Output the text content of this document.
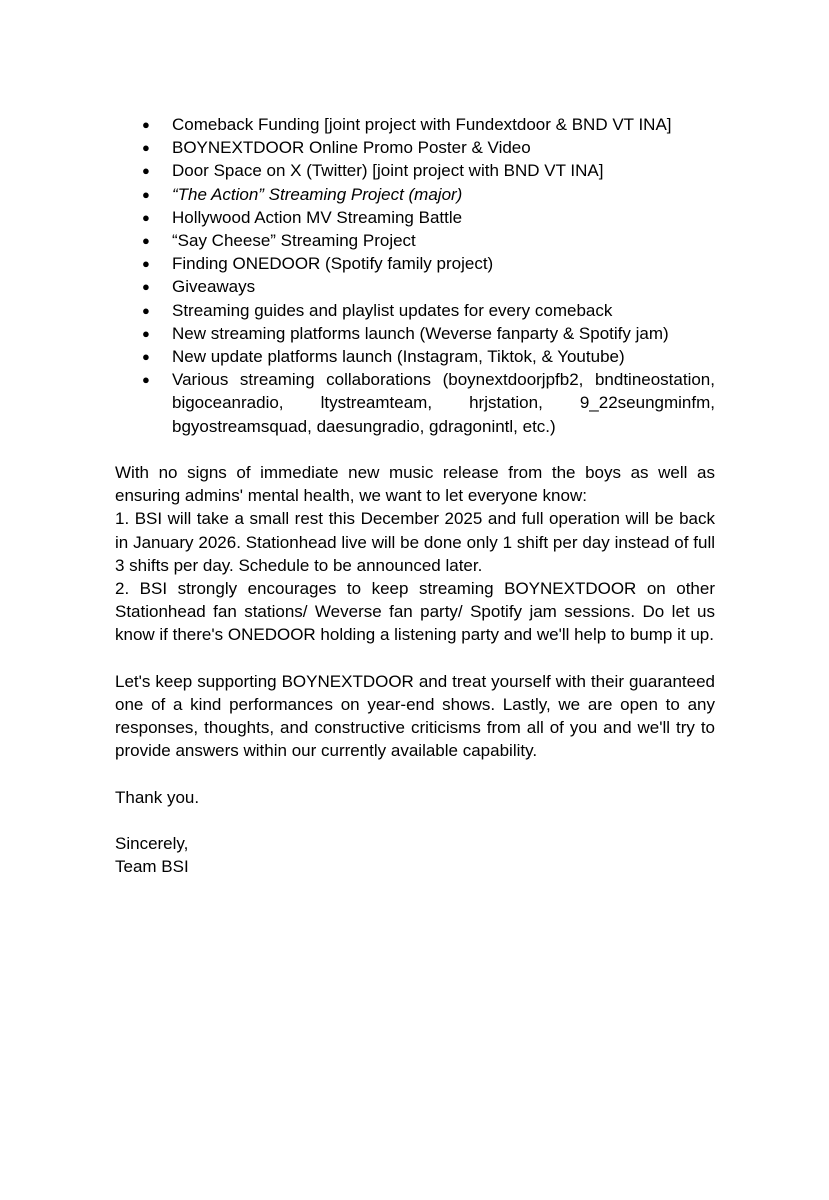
● Comeback Funding [joint project with Fundextdoor & BND VT INA]
● BOYNEXTDOOR Online Promo Poster & Video
● Door Space on X (Twitter) [joint project with BND VT INA]
● “The Action” Streaming Project (major)
● Hollywood Action MV Streaming Battle
● “Say Cheese” Streaming Project
● Finding ONEDOOR (Spotify family project)
● Giveaways
● Streaming guides and playlist updates for every comeback
● New streaming platforms launch (Weverse fanparty & Spotify jam)
● New update platforms launch (Instagram, Tiktok, & Youtube)
● Various streaming collaborations (boynextdoorjpfb2, bndtineostation, bigoceanradio, ltystreamteam, hrjstation, 9_22seungminfm, bgyostreamsquad, daesungradio, gdragonintl, etc.)

With no signs of immediate new music release from the boys as well as ensuring admins' mental health, we want to let everyone know:
1. BSI will take a small rest this December 2025 and full operation will be back in January 2026. Stationhead live will be done only 1 shift per day instead of full 3 shifts per day. Schedule to be announced later.
2. BSI strongly encourages to keep streaming BOYNEXTDOOR on other Stationhead fan stations/ Weverse fan party/ Spotify jam sessions. Do let us know if there's ONEDOOR holding a listening party and we'll help to bump it up.

Let's keep supporting BOYNEXTDOOR and treat yourself with their guaranteed one of a kind performances on year-end shows. Lastly, we are open to any responses, thoughts, and constructive criticisms from all of you and we'll try to provide answers within our currently available capability.

Thank you.

Sincerely,
Team BSI
